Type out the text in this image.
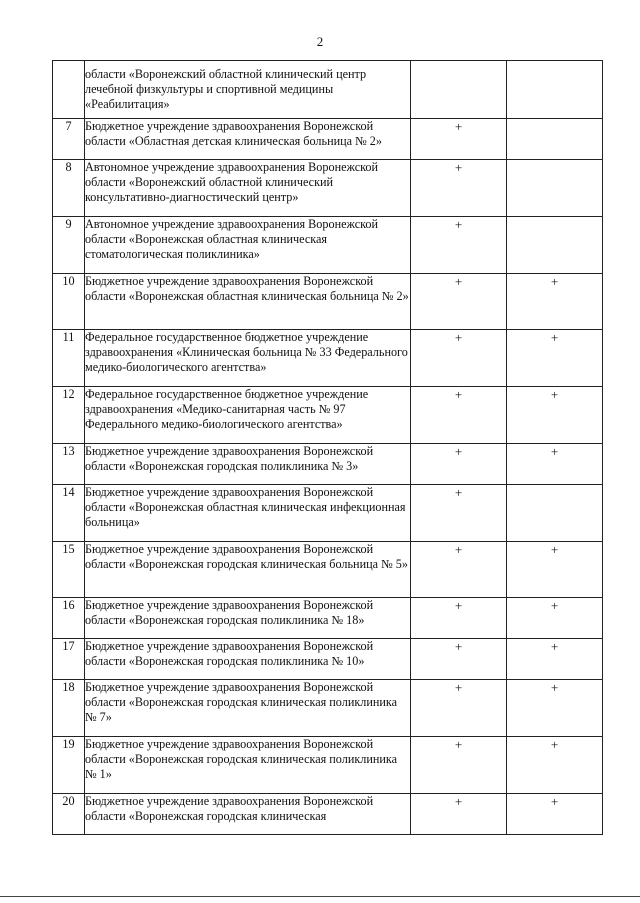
2
	области «Воронежский областной клинический центр лечебной физкультуры и спортивной медицины «Реабилитация»		
7	Бюджетное учреждение здравоохранения Воронежской области «Областная детская клиническая больница № 2»	+	
8	Автономное учреждение здравоохранения Воронежской области «Воронежский областной клинический консультативно-диагностический центр»	+	
9	Автономное учреждение здравоохранения Воронежской области «Воронежская областная клиническая стоматологическая поликлиника»	+	
10	Бюджетное учреждение здравоохранения Воронежской области «Воронежская областная клиническая больница № 2»	+	+
11	Федеральное государственное бюджетное учреждение здравоохранения «Клиническая больница № 33 Федерального медико-биологического агентства»	+	+
12	Федеральное государственное бюджетное учреждение здравоохранения «Медико-санитарная часть № 97 Федерального медико-биологического агентства»	+	+
13	Бюджетное учреждение здравоохранения Воронежской области «Воронежская городская поликлиника № 3»	+	+
14	Бюджетное учреждение здравоохранения Воронежской области «Воронежская областная клиническая инфекционная больница»	+	
15	Бюджетное учреждение здравоохранения Воронежской области «Воронежская городская клиническая больница № 5»	+	+
16	Бюджетное учреждение здравоохранения Воронежской области «Воронежская городская поликлиника № 18»	+	+
17	Бюджетное учреждение здравоохранения Воронежской области «Воронежская городская поликлиника № 10»	+	+
18	Бюджетное учреждение здравоохранения Воронежской области «Воронежская городская клиническая поликлиника № 7»	+	+
19	Бюджетное учреждение здравоохранения Воронежской области «Воронежская городская клиническая поликлиника № 1»	+	+
20	Бюджетное учреждение здравоохранения Воронежской области «Воронежская городская клиническая	+	+
